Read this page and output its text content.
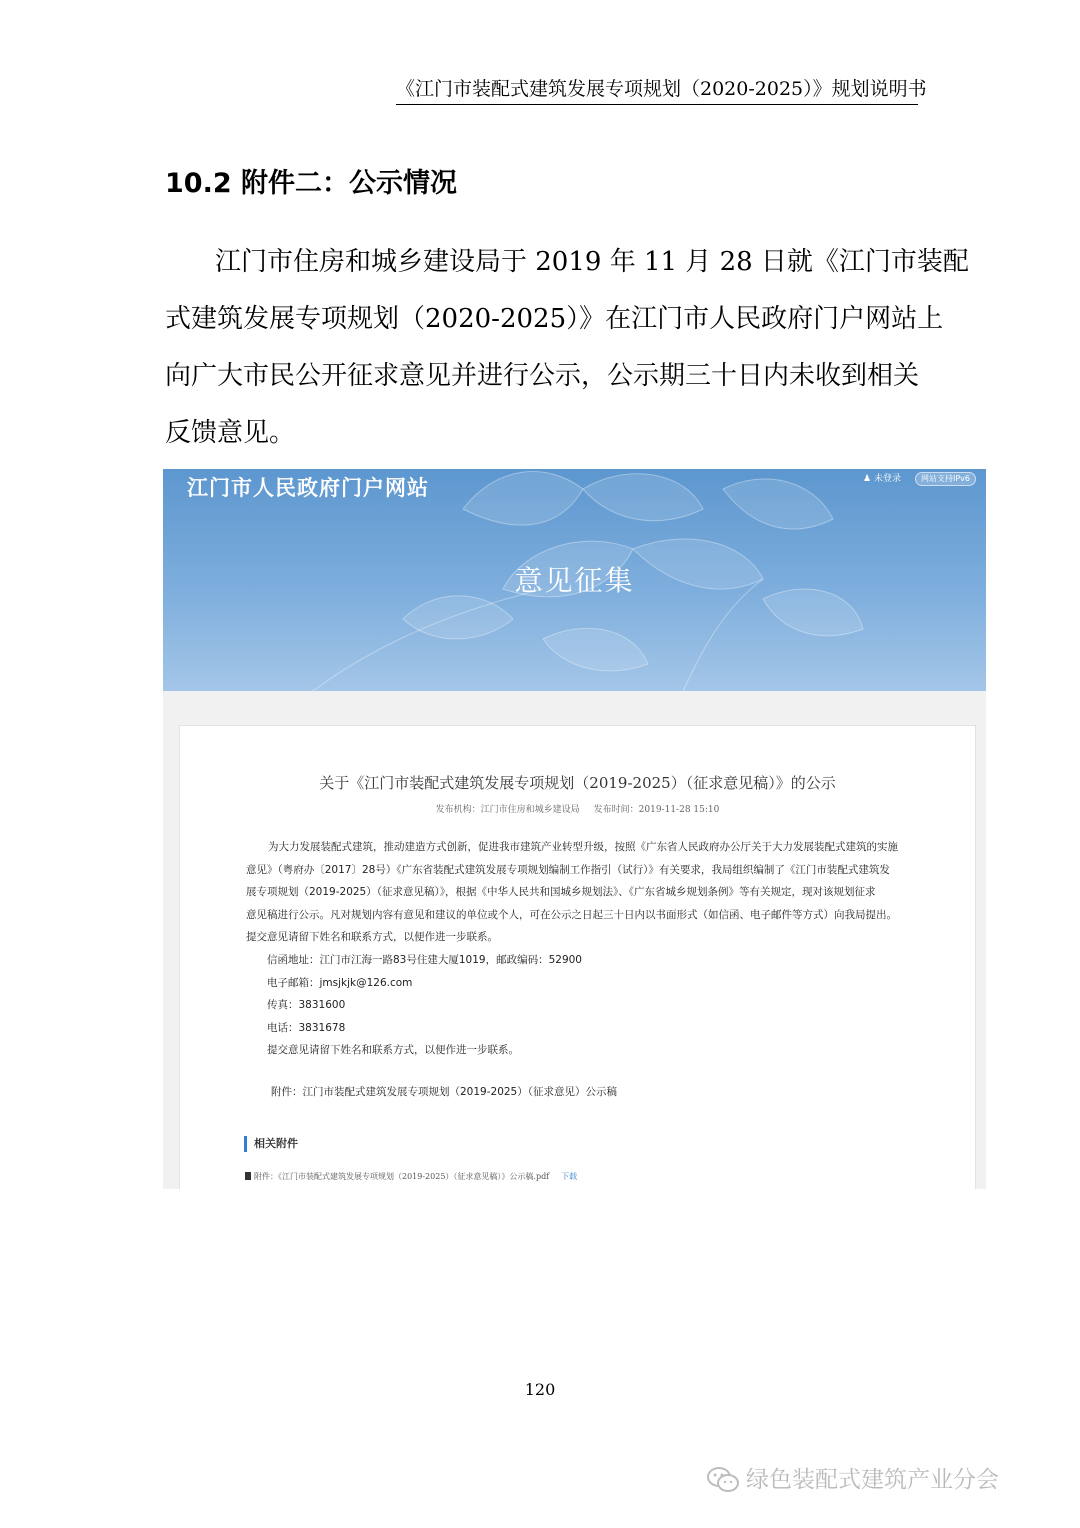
《江门市装配式建筑发展专项规划（2020-2025）》规划说明书
10.2 附件二：公示情况

江门市住房和城乡建设局于 2019 年 11 月 28 日就《江门市装配
式建筑发展专项规划（2020-2025）》在江门市人民政府门户网站上
向广大市民公开征求意见并进行公示，公示期三十日内未收到相关
反馈意见。

江门市人民政府门户网站	♟ 未登录	网站支持IPv6
意见征集
关于《江门市装配式建筑发展专项规划（2019-2025）（征求意见稿）》的公示
发布机构：江门市住房和城乡建设局 发布时间：2019-11-28 15:10
为大力发展装配式建筑，推动建造方式创新，促进我市建筑产业转型升级，按照《广东省人民政府办公厅关于大力发展装配式建筑的实施
意见》（粤府办〔2017〕28号）《广东省装配式建筑发展专项规划编制工作指引（试行）》有关要求，我局组织编制了《江门市装配式建筑发
展专项规划（2019-2025）（征求意见稿）》，根据《中华人民共和国城乡规划法》、《广东省城乡规划条例》等有关规定，现对该规划征求
意见稿进行公示。凡对规划内容有意见和建议的单位或个人，可在公示之日起三十日内以书面形式（如信函、电子邮件等方式）向我局提出。
提交意见请留下姓名和联系方式，以便作进一步联系。
信函地址：江门市江海一路83号住建大厦1019，邮政编码：52900
电子邮箱：jmsjkjk@126.com
传真：3831600
电话：3831678
提交意见请留下姓名和联系方式，以便作进一步联系。
附件：江门市装配式建筑发展专项规划（2019-2025）（征求意见）公示稿
相关附件
附件：《江门市装配式建筑发展专项规划（2019-2025）（征求意见稿）》公示稿.pdf 下载
120
绿色装配式建筑产业分会
